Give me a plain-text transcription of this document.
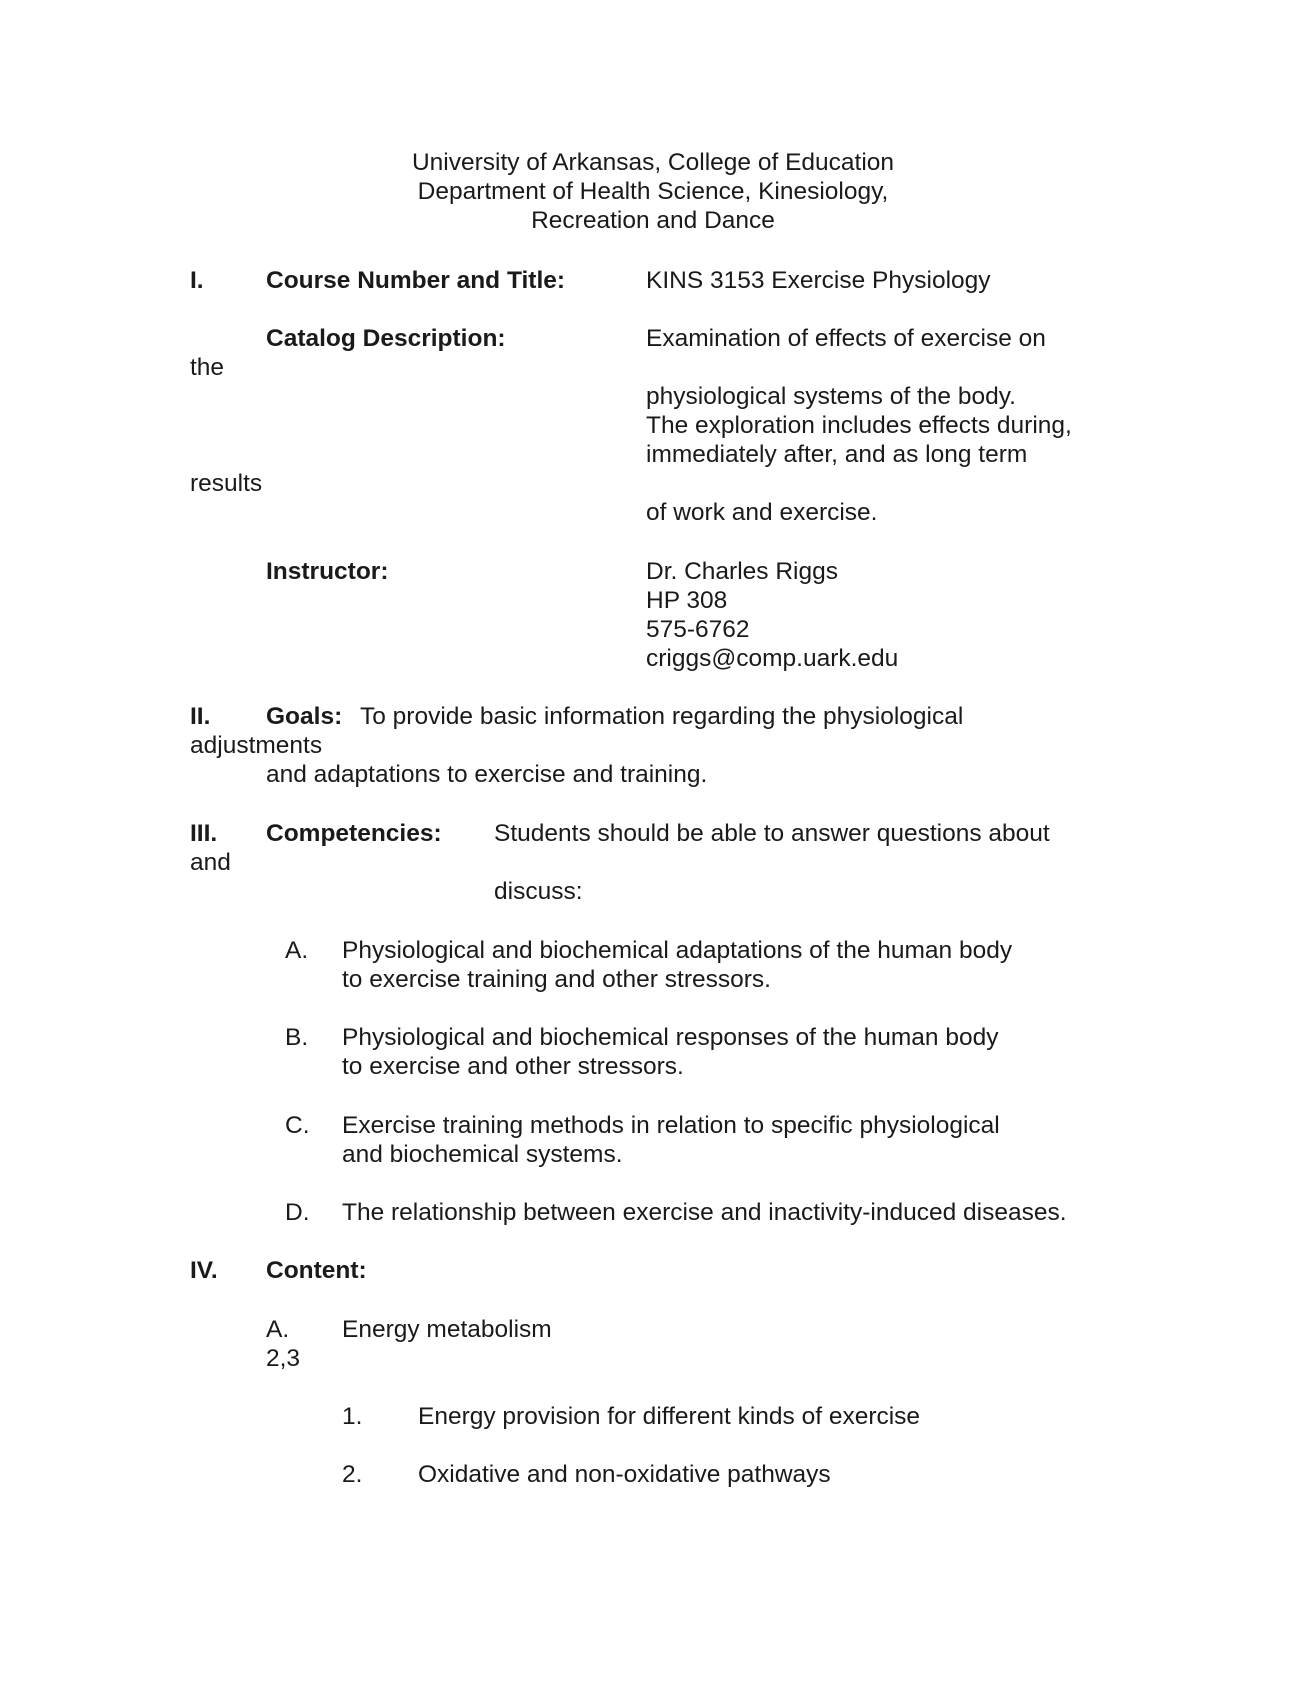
University of Arkansas, College of Education
Department of Health Science, Kinesiology,
Recreation and Dance
I.	Course Number and Title:	KINS 3153 Exercise Physiology
Catalog Description:	Examination of effects of exercise on
the
physiological systems of the body.
The exploration includes effects during,
immediately after, and as long term
results
of work and exercise.
Instructor:	Dr. Charles Riggs
HP 308
575-6762
criggs@comp.uark.edu
II. Goals: To provide basic information regarding the physiological
adjustments
and adaptations to exercise and training.
III. Competencies: Students should be able to answer questions about
and
discuss:
A. Physiological and biochemical adaptations of the human body
to exercise training and other stressors.
B. Physiological and biochemical responses of the human body
to exercise and other stressors.
C. Exercise training methods in relation to specific physiological
and biochemical systems.
D. The relationship between exercise and inactivity-induced diseases.
IV. Content:
A. Energy metabolism
2,3
1. Energy provision for different kinds of exercise
2. Oxidative and non-oxidative pathways
